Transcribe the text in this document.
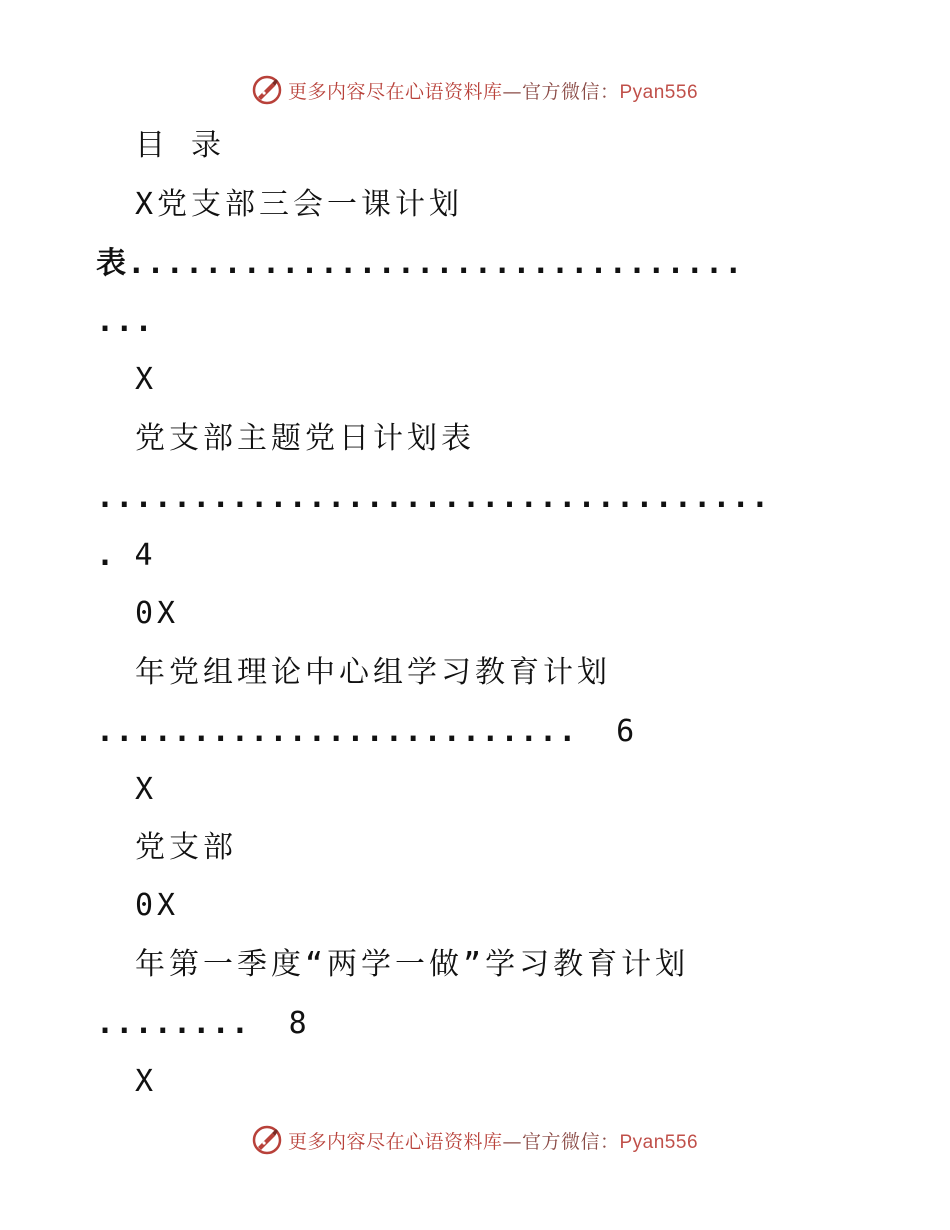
更多内容尽在心语资料库—官方微信：Pyan556
目 录
X党支部三会一课计划
表................................
...
X
党支部主题党日计划表
...................................
. 4
0X
年党组理论中心组学习教育计划
......................... 6
X
党支部
0X
年第一季度“两学一做”学习教育计划
........ 8
X
更多内容尽在心语资料库—官方微信：Pyan556
